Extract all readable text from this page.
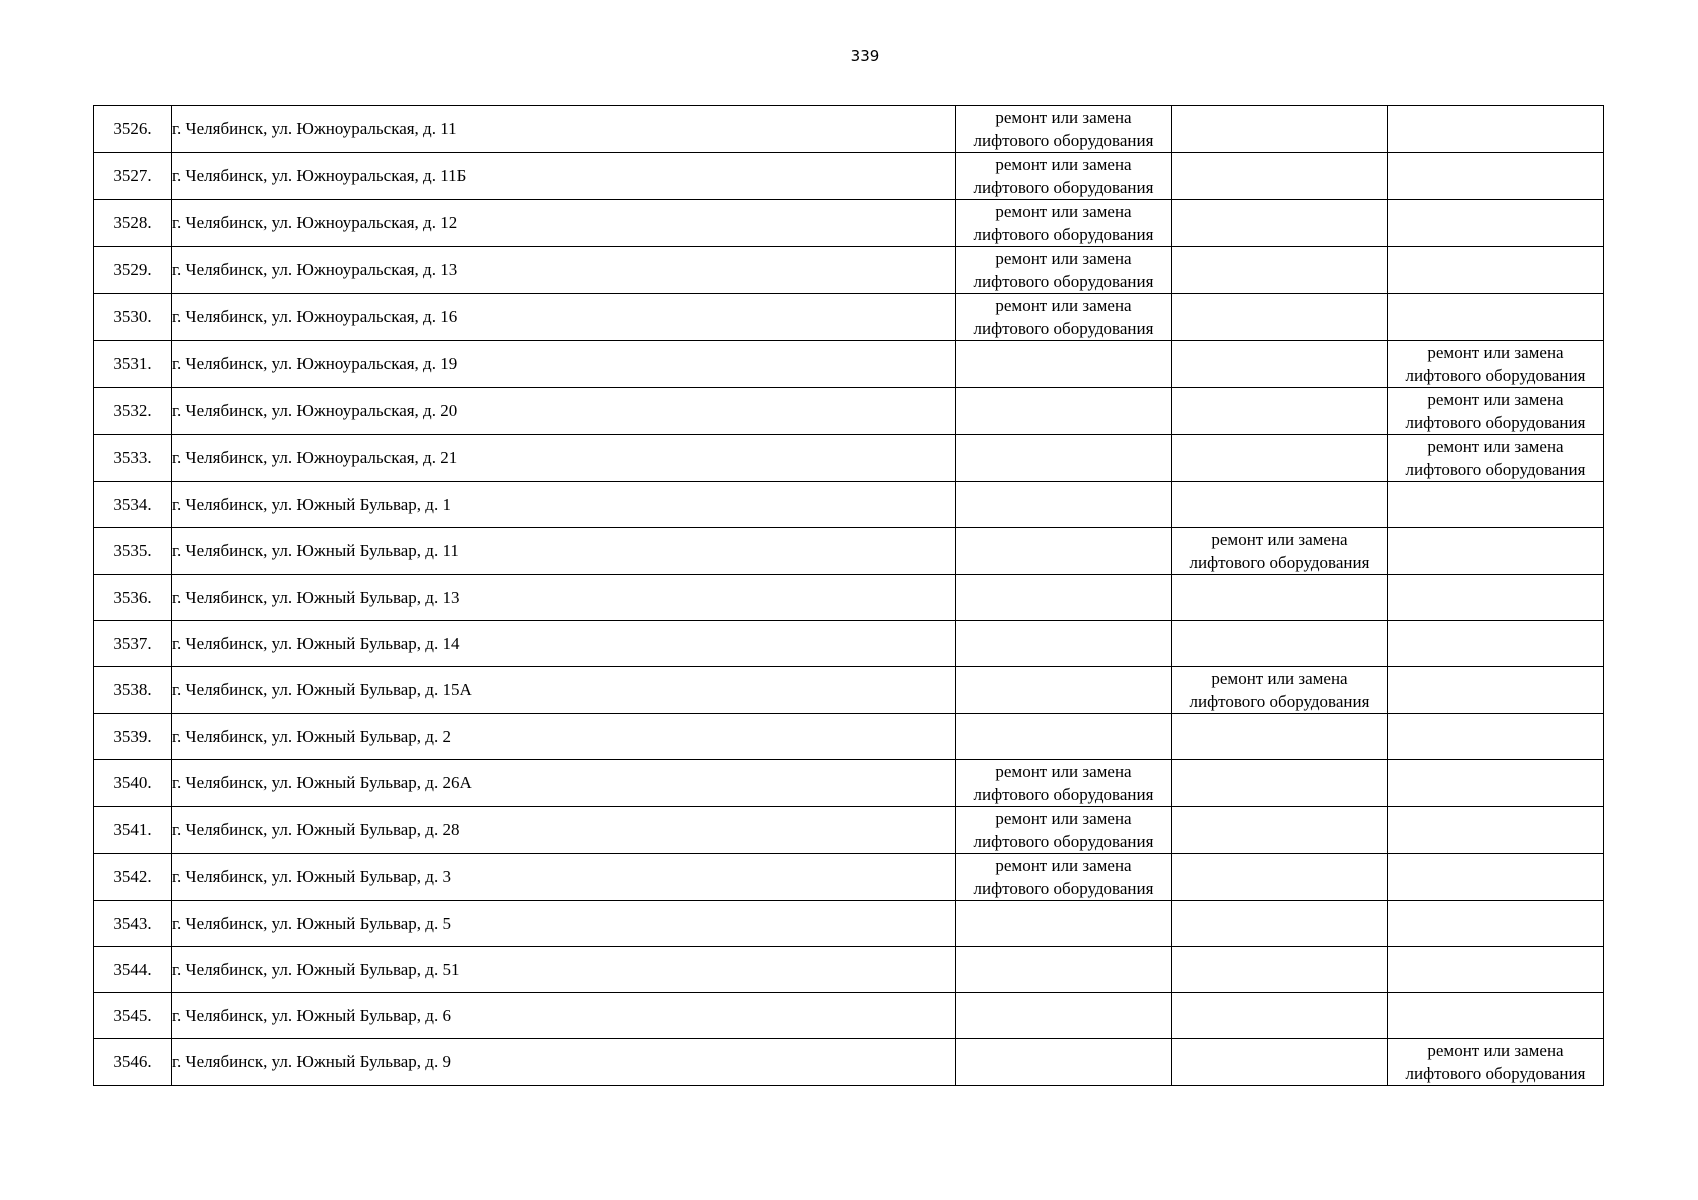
339
3526.	г. Челябинск, ул. Южноуральская, д. 11	ремонт или замена
лифтового оборудования		

3527.	г. Челябинск, ул. Южноуральская, д. 11Б	ремонт или замена
лифтового оборудования		

3528.	г. Челябинск, ул. Южноуральская, д. 12	ремонт или замена
лифтового оборудования		

3529.	г. Челябинск, ул. Южноуральская, д. 13	ремонт или замена
лифтового оборудования		

3530.	г. Челябинск, ул. Южноуральская, д. 16	ремонт или замена
лифтового оборудования		

3531.	г. Челябинск, ул. Южноуральская, д. 19			ремонт или замена
лифтового оборудования

3532.	г. Челябинск, ул. Южноуральская, д. 20			ремонт или замена
лифтового оборудования

3533.	г. Челябинск, ул. Южноуральская, д. 21			ремонт или замена
лифтового оборудования

3534.	г. Челябинск, ул. Южный Бульвар, д. 1			
3535.	г. Челябинск, ул. Южный Бульвар, д. 11		ремонт или замена
лифтового оборудования	

3536.	г. Челябинск, ул. Южный Бульвар, д. 13			
3537.	г. Челябинск, ул. Южный Бульвар, д. 14			
3538.	г. Челябинск, ул. Южный Бульвар, д. 15А		ремонт или замена
лифтового оборудования	

3539.	г. Челябинск, ул. Южный Бульвар, д. 2			
3540.	г. Челябинск, ул. Южный Бульвар, д. 26А	ремонт или замена
лифтового оборудования		

3541.	г. Челябинск, ул. Южный Бульвар, д. 28	ремонт или замена
лифтового оборудования		

3542.	г. Челябинск, ул. Южный Бульвар, д. 3	ремонт или замена
лифтового оборудования		

3543.	г. Челябинск, ул. Южный Бульвар, д. 5			
3544.	г. Челябинск, ул. Южный Бульвар, д. 51			
3545.	г. Челябинск, ул. Южный Бульвар, д. 6			
3546.	г. Челябинск, ул. Южный Бульвар, д. 9			ремонт или замена
лифтового оборудования
